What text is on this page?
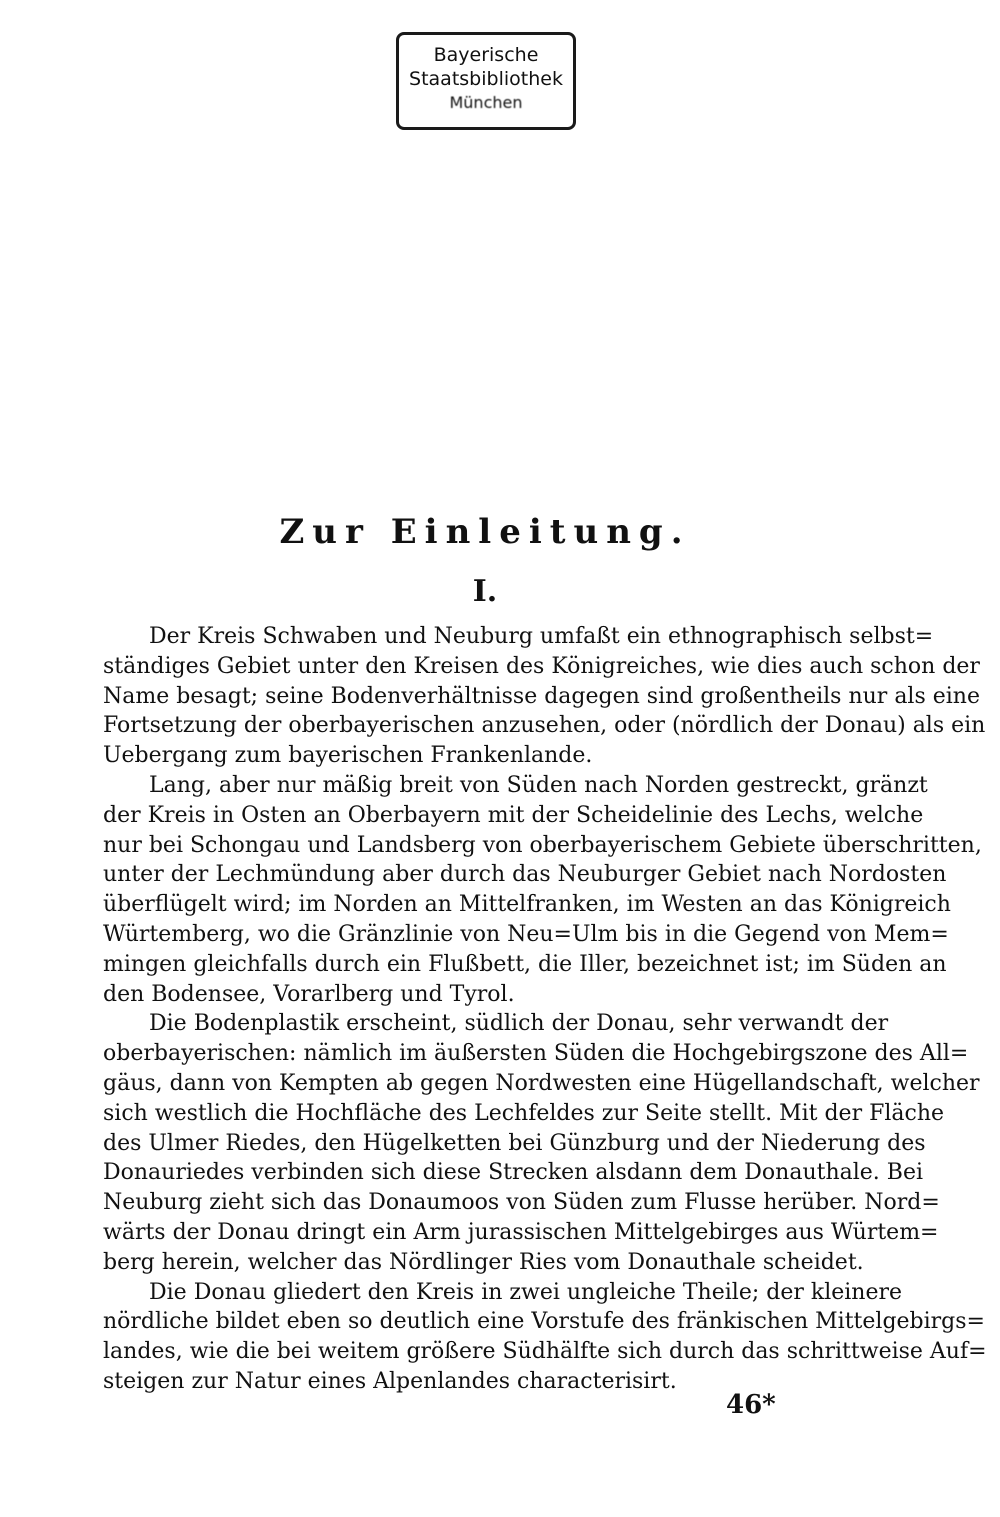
Bayerische
Staatsbibliothek
München
Zur Einleitung.
I.
Der Kreis Schwaben und Neuburg umfaßt ein ethnographisch selbst=
ständiges Gebiet unter den Kreisen des Königreiches, wie dies auch schon der
Name besagt; seine Bodenverhältnisse dagegen sind großentheils nur als eine
Fortsetzung der oberbayerischen anzusehen, oder (nördlich der Donau) als ein
Uebergang zum bayerischen Frankenlande.
Lang, aber nur mäßig breit von Süden nach Norden gestreckt, gränzt
der Kreis in Osten an Oberbayern mit der Scheidelinie des Lechs, welche
nur bei Schongau und Landsberg von oberbayerischem Gebiete überschritten,
unter der Lechmündung aber durch das Neuburger Gebiet nach Nordosten
überflügelt wird; im Norden an Mittelfranken, im Westen an das Königreich
Würtemberg, wo die Gränzlinie von Neu=Ulm bis in die Gegend von Mem=
mingen gleichfalls durch ein Flußbett, die Iller, bezeichnet ist; im Süden an
den Bodensee, Vorarlberg und Tyrol.
Die Bodenplastik erscheint, südlich der Donau, sehr verwandt der
oberbayerischen: nämlich im äußersten Süden die Hochgebirgszone des All=
gäus, dann von Kempten ab gegen Nordwesten eine Hügellandschaft, welcher
sich westlich die Hochfläche des Lechfeldes zur Seite stellt. Mit der Fläche
des Ulmer Riedes, den Hügelketten bei Günzburg und der Niederung des
Donauriedes verbinden sich diese Strecken alsdann dem Donauthale. Bei
Neuburg zieht sich das Donaumoos von Süden zum Flusse herüber. Nord=
wärts der Donau dringt ein Arm jurassischen Mittelgebirges aus Würtem=
berg herein, welcher das Nördlinger Ries vom Donauthale scheidet.
Die Donau gliedert den Kreis in zwei ungleiche Theile; der kleinere
nördliche bildet eben so deutlich eine Vorstufe des fränkischen Mittelgebirgs=
landes, wie die bei weitem größere Südhälfte sich durch das schrittweise Auf=
steigen zur Natur eines Alpenlandes characterisirt.
46*
